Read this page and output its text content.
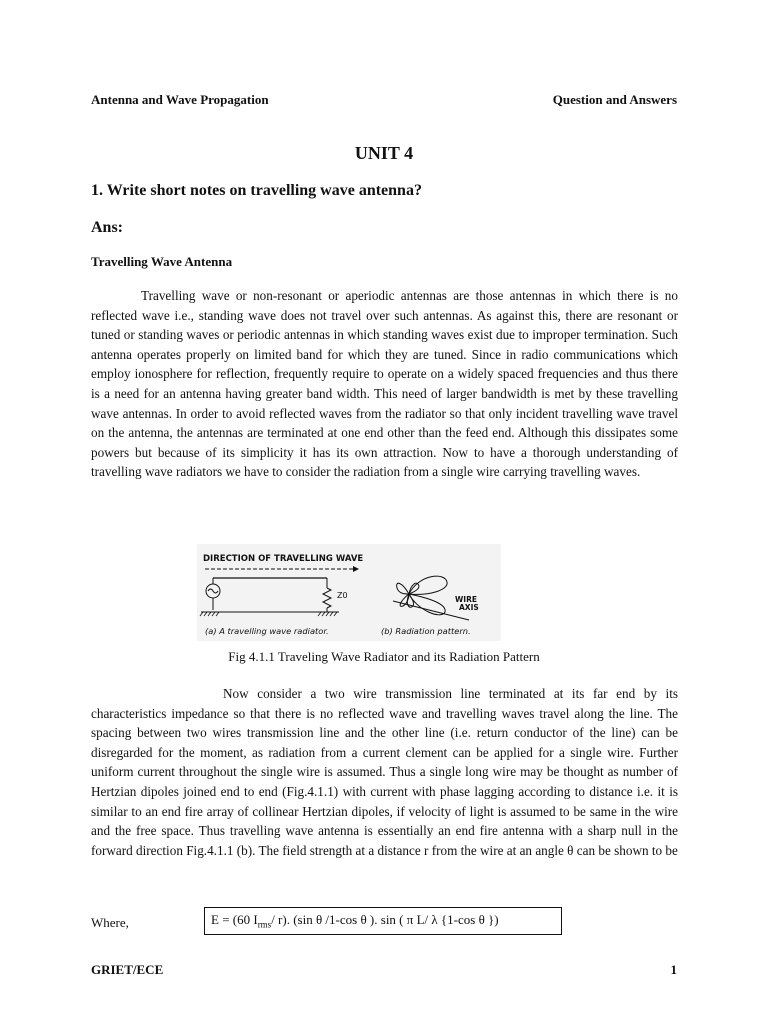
Antenna and Wave Propagation	Question and Answers
UNIT 4
1. Write short notes on travelling wave antenna?
Ans:
Travelling Wave Antenna

Travelling wave or non-resonant or aperiodic antennas are those antennas in which there is no reflected wave i.e., standing wave does not travel over such antennas. As against this, there are resonant or tuned or standing waves or periodic antennas in which standing waves exist due to improper termination. Such antenna operates properly on limited band for which they are tuned. Since in radio communications which employ ionosphere for reflection, frequently require to operate on a widely spaced frequencies and thus there is a need for an antenna having greater band width. This need of larger bandwidth is met by these travelling wave antennas. In order to avoid reflected waves from the radiator so that only incident travelling wave travel on the antenna, the antennas are terminated at one end other than the feed end. Although this dissipates some powers but because of its simplicity it has its own attraction. Now to have a thorough understanding of travelling wave radiators we have to consider the radiation from a single wire carrying travelling waves.

DIRECTION OF TRAVELLING WAVE
Z0	WIRE
AXIS
(a) A travelling wave radiator.	(b) Radiation pattern.
Fig 4.1.1 Traveling Wave Radiator and its Radiation Pattern

Now consider a two wire transmission line terminated at its far end by its characteristics impedance so that there is no reflected wave and travelling waves travel along the line. The spacing between two wires transmission line and the other line (i.e. return conductor of the line) can be disregarded for the moment, as radiation from a current clement can be applied for a single wire. Further uniform current throughout the single wire is assumed. Thus a single long wire may be thought as number of Hertzian dipoles joined end to end (Fig.4.1.1) with current with phase lagging according to distance i.e. it is similar to an end fire array of collinear Hertzian dipoles, if velocity of light is assumed to be same in the wire and the free space. Thus travelling wave antenna is essentially an end fire antenna with a sharp null in the forward direction Fig.4.1.1 (b). The field strength at a distance r from the wire at an angle θ can be shown to be

Where,	E = (60 $I_{rms}/$ r). (sin θ /1-cos θ ). sin ( π L/ λ {1-cos θ })
GRIET/ECE	1
